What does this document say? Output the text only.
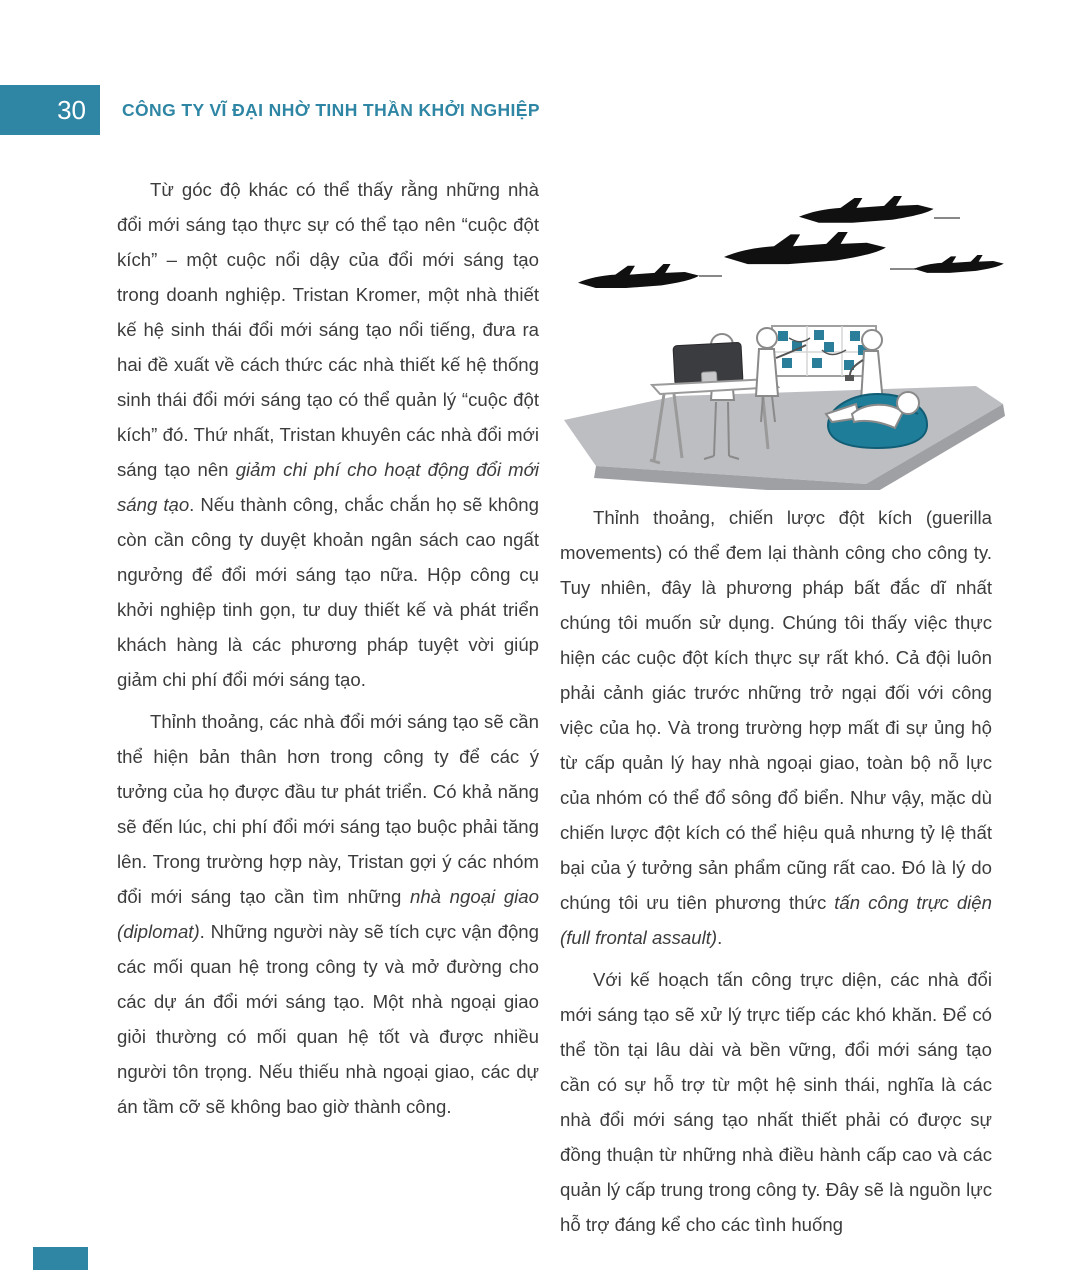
30 CÔNG TY VĨ ĐẠI NHỜ TINH THẦN KHỞI NGHIỆP

Từ góc độ khác có thể thấy rằng những nhà đổi mới sáng tạo thực sự có thể tạo nên “cuộc đột kích” – một cuộc nổi dậy của đổi mới sáng tạo trong doanh nghiệp. Tristan Kromer, một nhà thiết kế hệ sinh thái đổi mới sáng tạo nổi tiếng, đưa ra hai đề xuất về cách thức các nhà thiết kế hệ thống sinh thái đổi mới sáng tạo có thể quản lý “cuộc đột kích” đó. Thứ nhất, Tristan khuyên các nhà đổi mới sáng tạo nên giảm chi phí cho hoạt động đổi mới sáng tạo. Nếu thành công, chắc chắn họ sẽ không còn cần công ty duyệt khoản ngân sách cao ngất ngưởng để đổi mới sáng tạo nữa. Hộp công cụ khởi nghiệp tinh gọn, tư duy thiết kế và phát triển khách hàng là các phương pháp tuyệt vời giúp giảm chi phí đổi mới sáng tạo.

Thỉnh thoảng, các nhà đổi mới sáng tạo sẽ cần thể hiện bản thân hơn trong công ty để các ý tưởng của họ được đầu tư phát triển. Có khả năng sẽ đến lúc, chi phí đổi mới sáng tạo buộc phải tăng lên. Trong trường hợp này, Tristan gợi ý các nhóm đổi mới sáng tạo cần tìm những nhà ngoại giao (diplomat). Những người này sẽ tích cực vận động các mối quan hệ trong công ty và mở đường cho các dự án đổi mới sáng tạo. Một nhà ngoại giao giỏi thường có mối quan hệ tốt và được nhiều người tôn trọng. Nếu thiếu nhà ngoại giao, các dự án tầm cỡ sẽ không bao giờ thành công.

Thỉnh thoảng, chiến lược đột kích (guerilla movements) có thể đem lại thành công cho công ty. Tuy nhiên, đây là phương pháp bất đắc dĩ nhất chúng tôi muốn sử dụng. Chúng tôi thấy việc thực hiện các cuộc đột kích thực sự rất khó. Cả đội luôn phải cảnh giác trước những trở ngại đối với công việc của họ. Và trong trường hợp mất đi sự ủng hộ từ cấp quản lý hay nhà ngoại giao, toàn bộ nỗ lực của nhóm có thể đổ sông đổ biển. Như vậy, mặc dù chiến lược đột kích có thể hiệu quả nhưng tỷ lệ thất bại của ý tưởng sản phẩm cũng rất cao. Đó là lý do chúng tôi ưu tiên phương thức tấn công trực diện (full frontal assault).

Với kế hoạch tấn công trực diện, các nhà đổi mới sáng tạo sẽ xử lý trực tiếp các khó khăn. Để có thể tồn tại lâu dài và bền vững, đổi mới sáng tạo cần có sự hỗ trợ từ một hệ sinh thái, nghĩa là các nhà đổi mới sáng tạo nhất thiết phải có được sự đồng thuận từ những nhà điều hành cấp cao và các quản lý cấp trung trong công ty. Đây sẽ là nguồn lực hỗ trợ đáng kể cho các tình huống
